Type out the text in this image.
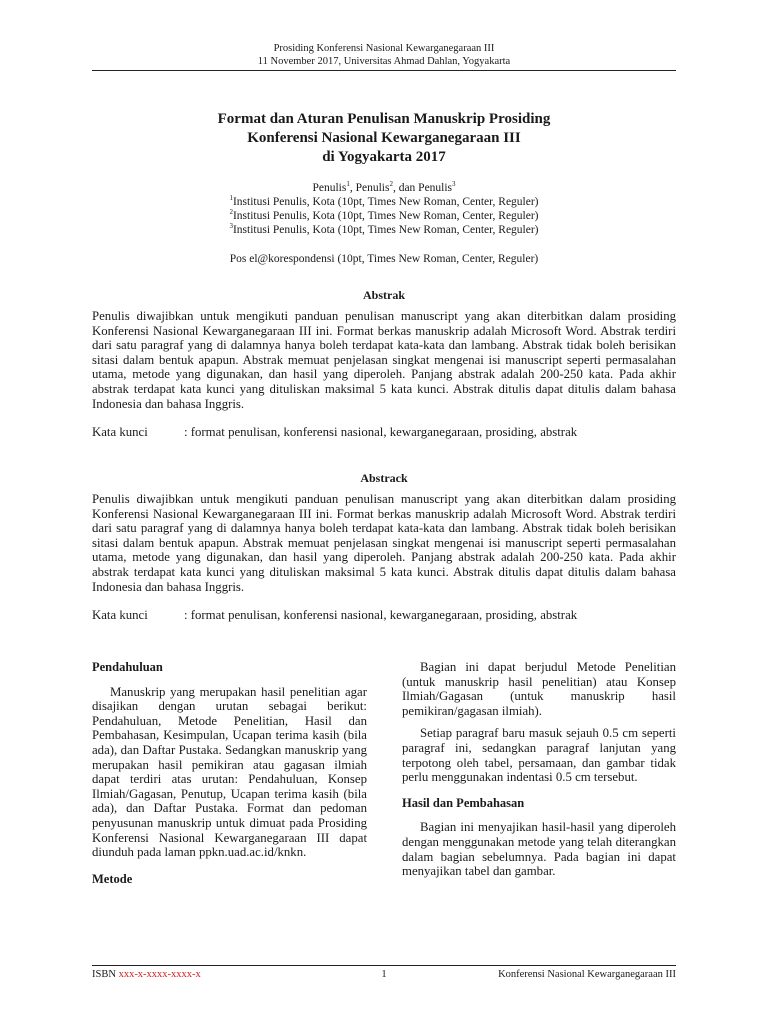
Prosiding Konferensi Nasional Kewarganegaraan III
11 November 2017, Universitas Ahmad Dahlan, Yogyakarta
Format dan Aturan Penulisan Manuskrip Prosiding
Konferensi Nasional Kewarganegaraan III
di Yogyakarta 2017
Penulis$^1$, Penulis$^2$, dan Penulis$^3$
$^1$Institusi Penulis, Kota (10pt, Times New Roman, Center, Reguler)
$^2$Institusi Penulis, Kota (10pt, Times New Roman, Center, Reguler)
$^3$Institusi Penulis, Kota (10pt, Times New Roman, Center, Reguler)
Pos el@korespondensi (10pt, Times New Roman, Center, Reguler)
Abstrak
Penulis diwajibkan untuk mengikuti panduan penulisan manuscript yang akan diterbitkan dalam prosiding Konferensi Nasional Kewarganegaraan III ini. Format berkas manuskrip adalah Microsoft Word. Abstrak terdiri dari satu paragraf yang di dalamnya hanya boleh terdapat kata-kata dan lambang. Abstrak tidak boleh berisikan sitasi dalam bentuk apapun. Abstrak memuat penjelasan singkat mengenai isi manuscript seperti permasalahan utama, metode yang digunakan, dan hasil yang diperoleh. Panjang abstrak adalah 200-250 kata. Pada akhir abstrak terdapat kata kunci yang dituliskan maksimal 5 kata kunci. Abstrak ditulis dapat ditulis dalam bahasa Indonesia dan bahasa Inggris.
Kata kunci	: format penulisan, konferensi nasional, kewarganegaraan, prosiding, abstrak
Abstrack
Penulis diwajibkan untuk mengikuti panduan penulisan manuscript yang akan diterbitkan dalam prosiding Konferensi Nasional Kewarganegaraan III ini. Format berkas manuskrip adalah Microsoft Word. Abstrak terdiri dari satu paragraf yang di dalamnya hanya boleh terdapat kata-kata dan lambang. Abstrak tidak boleh berisikan sitasi dalam bentuk apapun. Abstrak memuat penjelasan singkat mengenai isi manuscript seperti permasalahan utama, metode yang digunakan, dan hasil yang diperoleh. Panjang abstrak adalah 200-250 kata. Pada akhir abstrak terdapat kata kunci yang dituliskan maksimal 5 kata kunci. Abstrak ditulis dapat ditulis dalam bahasa Indonesia dan bahasa Inggris.
Kata kunci	: format penulisan, konferensi nasional, kewarganegaraan, prosiding, abstrak
Pendahuluan
Manuskrip yang merupakan hasil penelitian agar disajikan dengan urutan sebagai berikut: Pendahuluan, Metode Penelitian, Hasil dan Pembahasan, Kesimpulan, Ucapan terima kasih (bila ada), dan Daftar Pustaka. Sedangkan manuskrip yang merupakan hasil pemikiran atau gagasan ilmiah dapat terdiri atas urutan: Pendahuluan, Konsep Ilmiah/Gagasan, Penutup, Ucapan terima kasih (bila ada), dan Daftar Pustaka. Format dan pedoman penyusunan manuskrip untuk dimuat pada Prosiding Konferensi Nasional Kewarganegaraan III dapat diunduh pada laman ppkn.uad.ac.id/knkn.
Metode
Bagian ini dapat berjudul Metode Penelitian (untuk manuskrip hasil penelitian) atau Konsep Ilmiah/Gagasan (untuk manuskrip hasil pemikiran/gagasan ilmiah).
Setiap paragraf baru masuk sejauh 0.5 cm seperti paragraf ini, sedangkan paragraf lanjutan yang terpotong oleh tabel, persamaan, dan gambar tidak perlu menggunakan indentasi 0.5 cm tersebut.
Hasil dan Pembahasan
Bagian ini menyajikan hasil-hasil yang diperoleh dengan menggunakan metode yang telah diterangkan dalam bagian sebelumnya. Pada bagian ini dapat menyajikan tabel dan gambar.
ISBN xxx-x-xxxx-xxxx-x	1	Konferensi Nasional Kewarganegaraan III
